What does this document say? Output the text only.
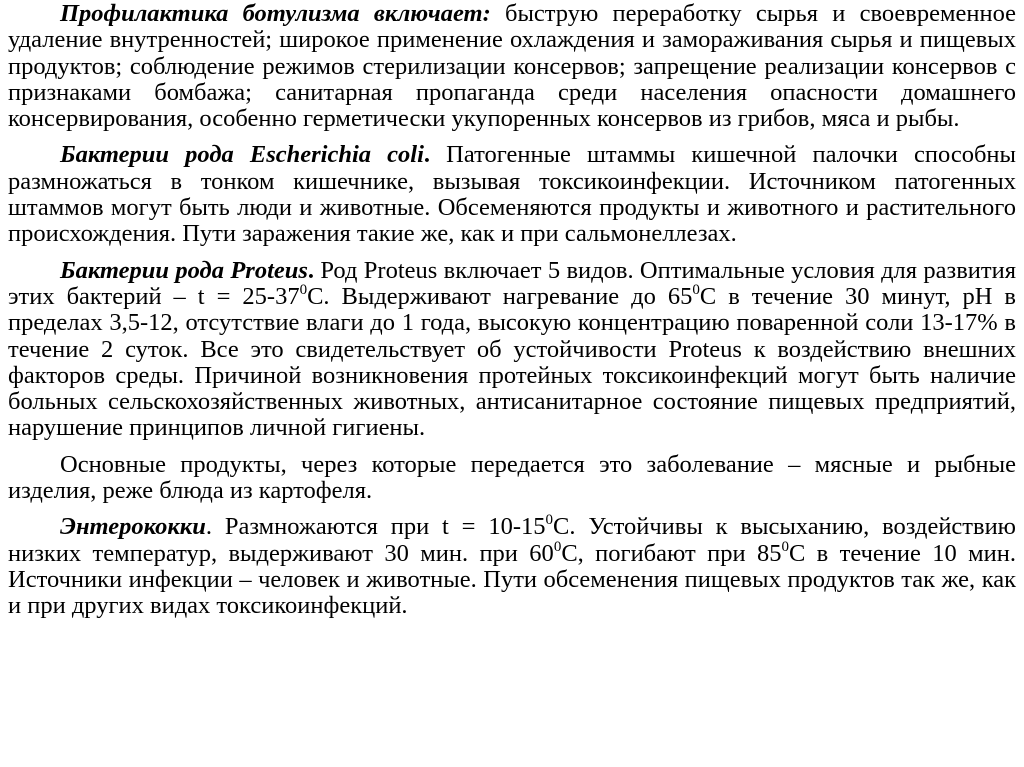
Профилактика ботулизма включает: быструю переработку сырья и своевременное удаление внутренностей; широкое применение охлаждения и замораживания сырья и пищевых продуктов; соблюдение режимов стерилизации консервов; запрещение реализации консервов с признаками бомбажа; санитарная пропаганда среди населения опасности домашнего консервирования, особенно герметически укупоренных консервов из грибов, мяса и рыбы.

Бактерии рода Escherichia coli. Патогенные штаммы кишечной палочки способны размножаться в тонком кишечнике, вызывая токсикоинфекции. Источником патогенных штаммов могут быть люди и животные. Обсеменяются продукты и животного и растительного происхождения. Пути заражения такие же, как и при сальмонеллезах.

Бактерии рода Proteus. Род Proteus включает 5 видов. Оптимальные условия для развития этих бактерий – $t = 25-37^0С$. Выдерживают нагревание до $65^0С$ в течение 30 минут, рН в пределах 3,5-12, отсутствие влаги до 1 года, высокую концентрацию поваренной соли 13-17% в течение 2 суток. Все это свидетельствует об устойчивости Proteus к воздействию внешних факторов среды. Причиной возникновения протейных токсикоинфекций могут быть наличие больных сельскохозяйственных животных, антисанитарное состояние пищевых предприятий, нарушение принципов личной гигиены.

Основные продукты, через которые передается это заболевание – мясные и рыбные изделия, реже блюда из картофеля.

Энтерококки. Размножаются при $t = 10-15^0С$. Устойчивы к высыханию, воздействию низких температур, выдерживают 30 мин. при $60^0С$, погибают при $85^0С$ в течение 10 мин. Источники инфекции – человек и животные. Пути обсеменения пищевых продуктов так же, как и при других видах токсикоинфекций.
